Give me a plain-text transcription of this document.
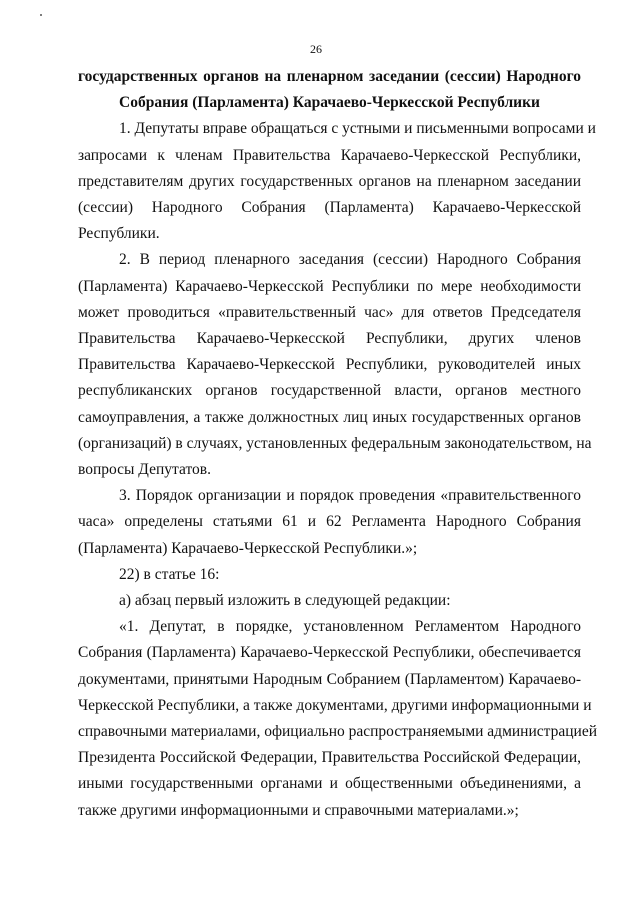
26
государственных органов на пленарном заседании (сессии) Народного
Собрания (Парламента) Карачаево-Черкесской Республики
1. Депутаты вправе обращаться с устными и письменными вопросами и
запросами к членам Правительства Карачаево-Черкесской Республики,
представителям других государственных органов на пленарном заседании
(сессии) Народного Собрания (Парламента) Карачаево-Черкесской
Республики.
2. В период пленарного заседания (сессии) Народного Собрания
(Парламента) Карачаево-Черкесской Республики по мере необходимости
может проводиться «правительственный час» для ответов Председателя
Правительства Карачаево-Черкесской Республики, других членов
Правительства Карачаево-Черкесской Республики, руководителей иных
республиканских органов государственной власти, органов местного
самоуправления, а также должностных лиц иных государственных органов
(организаций) в случаях, установленных федеральным законодательством, на
вопросы Депутатов.
3. Порядок организации и порядок проведения «правительственного
часа» определены статьями 61 и 62 Регламента Народного Собрания
(Парламента) Карачаево-Черкесской Республики.»;
22) в статье 16:
а) абзац первый изложить в следующей редакции:
«1. Депутат, в порядке, установленном Регламентом Народного
Собрания (Парламента) Карачаево-Черкесской Республики, обеспечивается
документами, принятыми Народным Собранием (Парламентом) Карачаево-
Черкесской Республики, а также документами, другими информационными и
справочными материалами, официально распространяемыми администрацией
Президента Российской Федерации, Правительства Российской Федерации,
иными государственными органами и общественными объединениями, а
также другими информационными и справочными материалами.»;
